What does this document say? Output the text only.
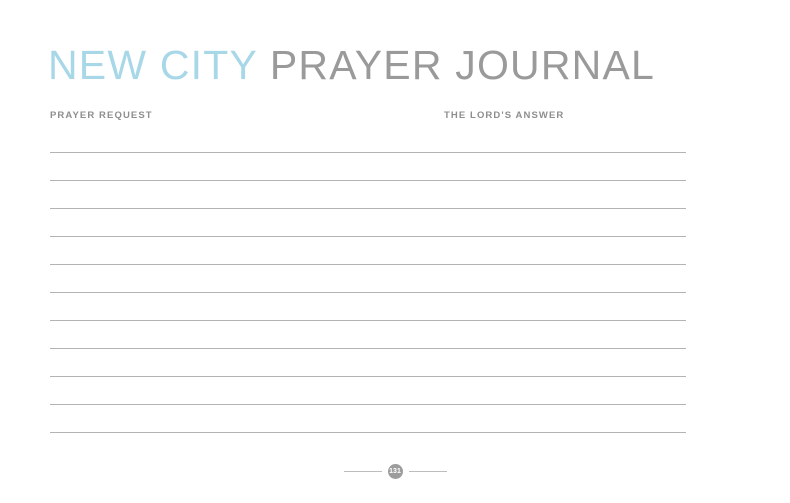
NEW CITY PRAYER JOURNAL
PRAYER REQUEST	THE LORD'S ANSWER
131
